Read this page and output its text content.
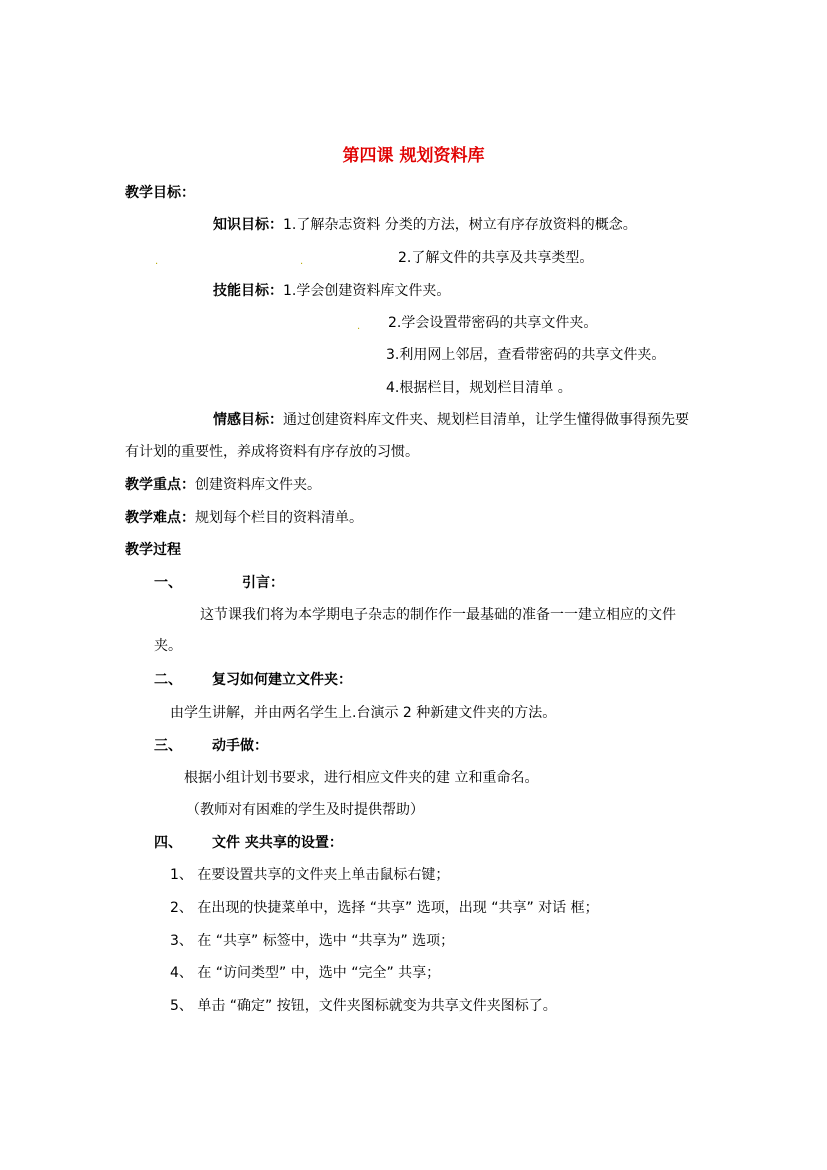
第四课 规划资料库
教学目标：
知识目标：1.了解杂志资料 分类的方法，树立有序存放资料的概念。
.	.	2.了解文件的共享及共享类型。
技能目标：1.学会创建资料库文件夹。
. 2.学会设置带密码的共享文件夹。
3.利用网上邻居，查看带密码的共享文件夹。
4.根据栏目，规划栏目清单 。
情感目标：通过创建资料库文件夹、规划栏目清单，让学生懂得做事得预先要
有计划的重要性，养成将资料有序存放的习惯。
教学重点：创建资料库文件夹。
教学难点：规划每个栏目的资料清单。
教学过程
一、	引言：
这节课我们将为本学期电子杂志的制作作一最基础的准备一一建立相应的文件
夹。
二、 复习如何建立文件夹：
由学生讲解，并由两名学生上.台演示 2 种新建文件夹的方法。
三、 动手做：
根据小组计划书要求，进行相应文件夹的建 立和重命名。
（教师对有困难的学生及时提供帮助）
四、 文件 夹共享的设置：
1、 在要设置共享的文件夹上单击鼠标右键；
2、 在出现的快捷菜单中，选择 “共享” 选项，出现 “共享” 对话 框；
3、 在 “共享” 标签中，选中 “共享为” 选项；
4、 在 “访问类型” 中，选中 “完全” 共享；
5、 单击 “确定” 按钮，文件夹图标就变为共享文件夹图标了。
